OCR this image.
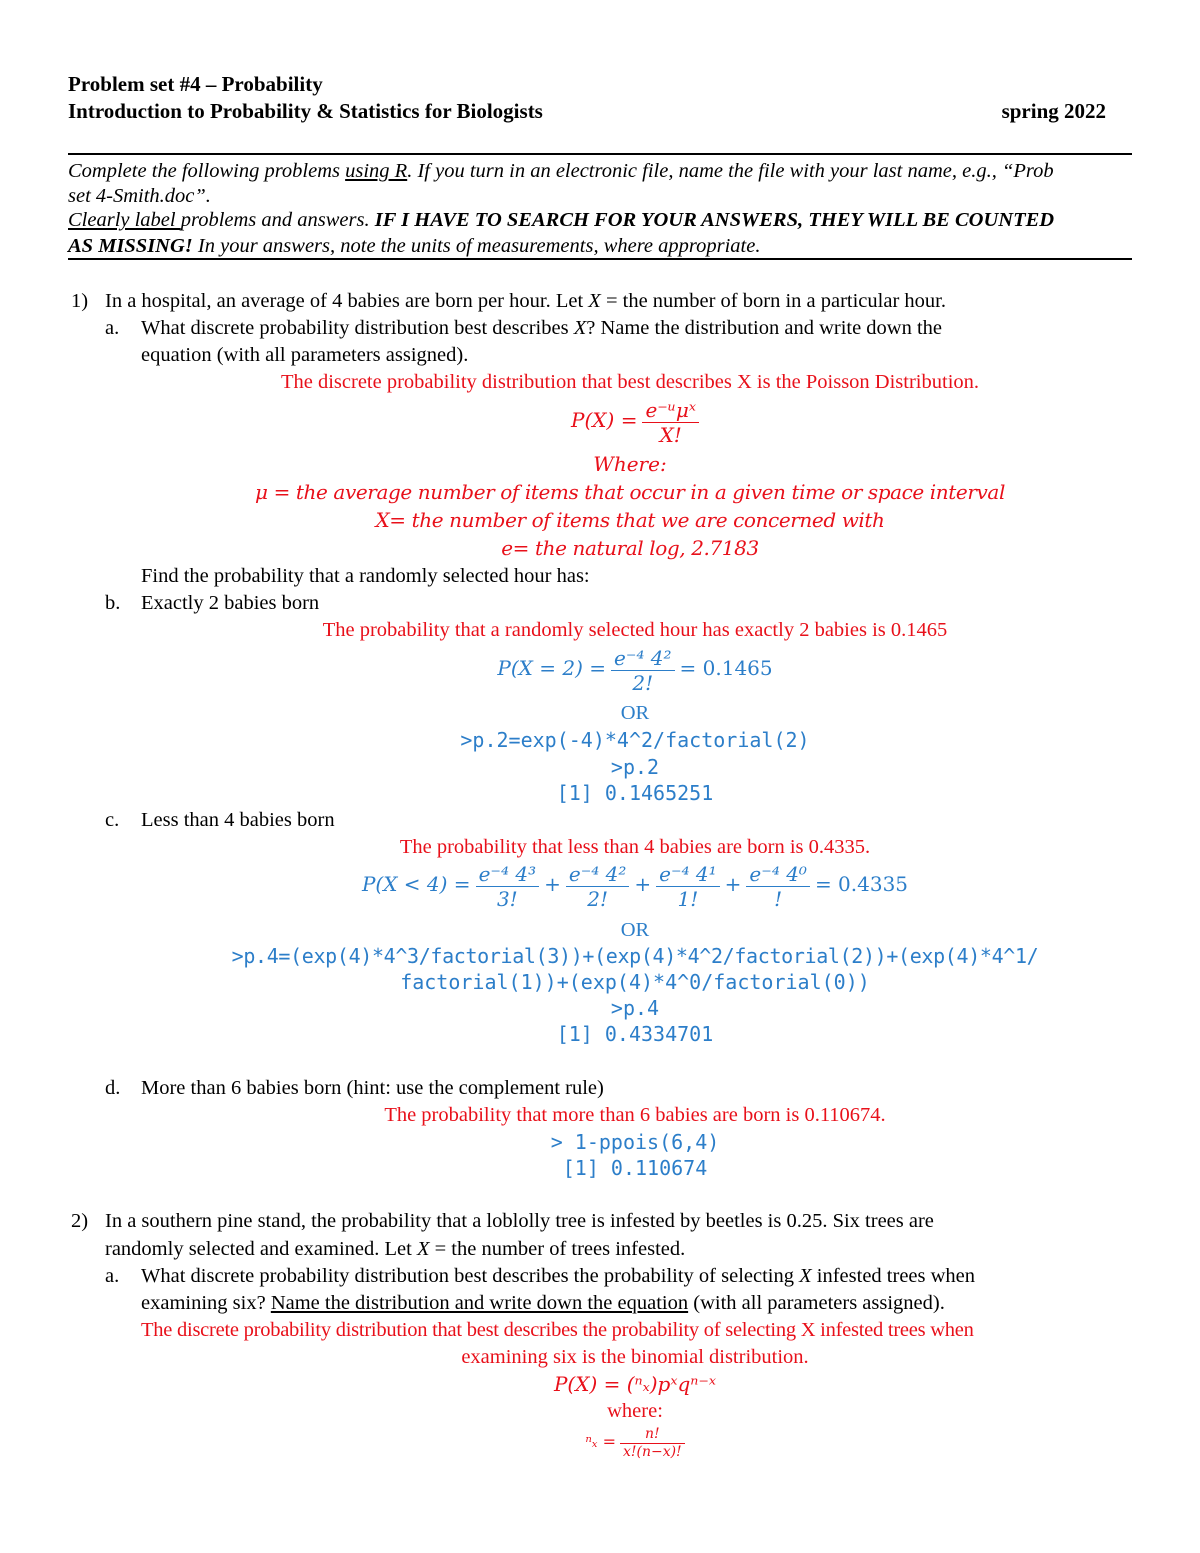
Problem set #4 – Probability
Introduction to Probability & Statistics for Biologists	spring 2022
Complete the following problems using R. If you turn in an electronic file, name the file with your last name, e.g., “Prob
set 4-Smith.doc”.
Clearly label problems and answers. IF I HAVE TO SEARCH FOR YOUR ANSWERS, THEY WILL BE COUNTED
AS MISSING! In your answers, note the units of measurements, where appropriate.
1) In a hospital, an average of 4 babies are born per hour. Let X = the number of born in a particular hour.
a. What discrete probability distribution best describes X? Name the distribution and write down the
equation (with all parameters assigned).
The discrete probability distribution that best describes X is the Poisson Distribution.
$P(X) = \frac{\text{e⁻ᵘμˣ}}{X!}$
Where:
μ = the average number of items that occur in a given time or space interval
X= the number of items that we are concerned with
e= the natural log, 2.7183
Find the probability that a randomly selected hour has:
b. Exactly 2 babies born
The probability that a randomly selected hour has exactly 2 babies is 0.1465
$P(X = 2) = \frac{\text{e⁻⁴ 4²}}{2!} = 0.1465$
OR
>p.2=exp(-4)*4^2/factorial(2)
>p.2
[1] 0.1465251
c. Less than 4 babies born
The probability that less than 4 babies are born is 0.4335.
$P(X < 4) = \frac{\text{e⁻⁴ 4³}}{3!} + \frac{\text{e⁻⁴ 4²}}{2!} + \frac{\text{e⁻⁴ 4¹}}{1!} + \frac{\text{e⁻⁴ 4⁰}}{!} = 0.4335$
OR
>p.4=(exp(4)*4^3/factorial(3))+(exp(4)*4^2/factorial(2))+(exp(4)*4^1/
factorial(1))+(exp(4)*4^0/factorial(0))
>p.4
[1] 0.4334701
d. More than 6 babies born (hint: use the complement rule)
The probability that more than 6 babies are born is 0.110674.
> 1-ppois(6,4)
[1] 0.110674
2) In a southern pine stand, the probability that a loblolly tree is infested by beetles is 0.25. Six trees are
randomly selected and examined. Let X = the number of trees infested.
a. What discrete probability distribution best describes the probability of selecting X infested trees when
examining six? Name the distribution and write down the equation (with all parameters assigned).
The discrete probability distribution that best describes the probability of selecting X infested trees when
examining six is the binomial distribution.
P(X) = (ⁿₓ)pˣqⁿ⁻ˣ
where:
$^n_x = \frac{n!}{x!(n-x)!}$
